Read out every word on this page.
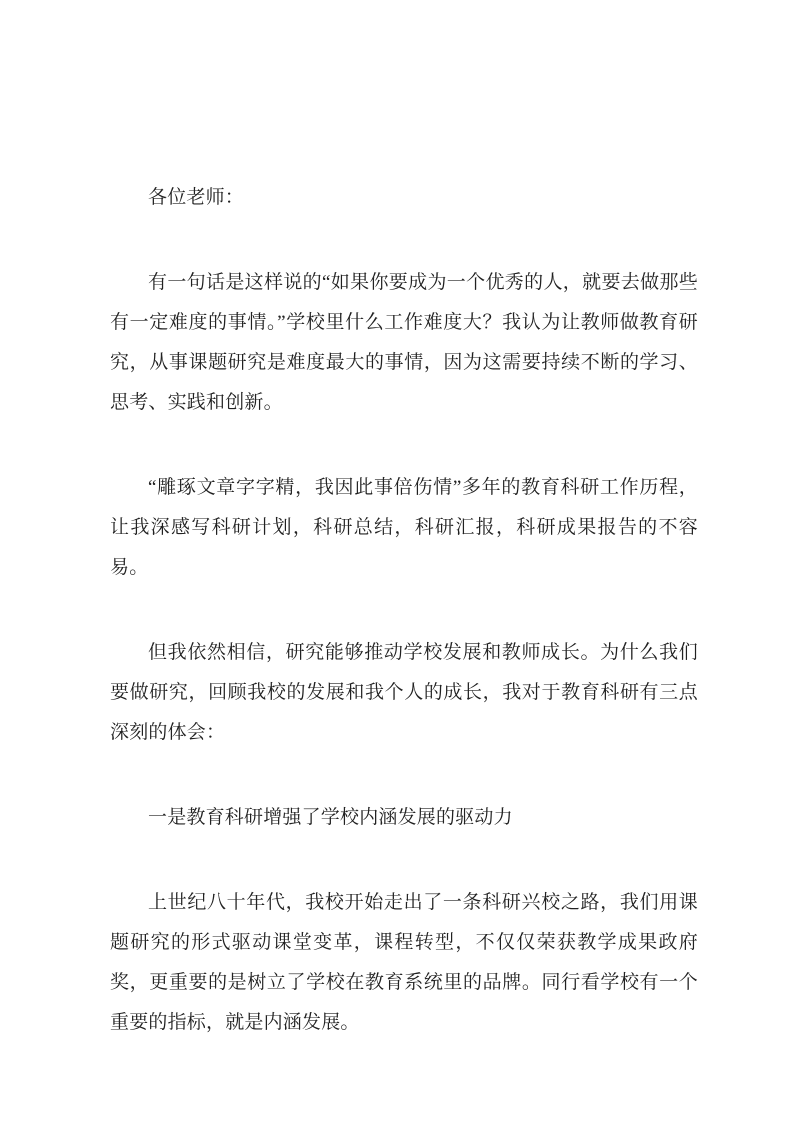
各位老师：

有一句话是这样说的“如果你要成为一个优秀的人，就要去做那些有一定难度的事情。”学校里什么工作难度大？我认为让教师做教育研究，从事课题研究是难度最大的事情，因为这需要持续不断的学习、思考、实践和创新。

“雕琢文章字字精，我因此事倍伤情”多年的教育科研工作历程，让我深感写科研计划，科研总结，科研汇报，科研成果报告的不容易。

但我依然相信，研究能够推动学校发展和教师成长。为什么我们要做研究，回顾我校的发展和我个人的成长，我对于教育科研有三点深刻的体会：

一是教育科研增强了学校内涵发展的驱动力

上世纪八十年代，我校开始走出了一条科研兴校之路，我们用课题研究的形式驱动课堂变革，课程转型，不仅仅荣获教学成果政府奖，更重要的是树立了学校在教育系统里的品牌。同行看学校有一个重要的指标，就是内涵发展。
